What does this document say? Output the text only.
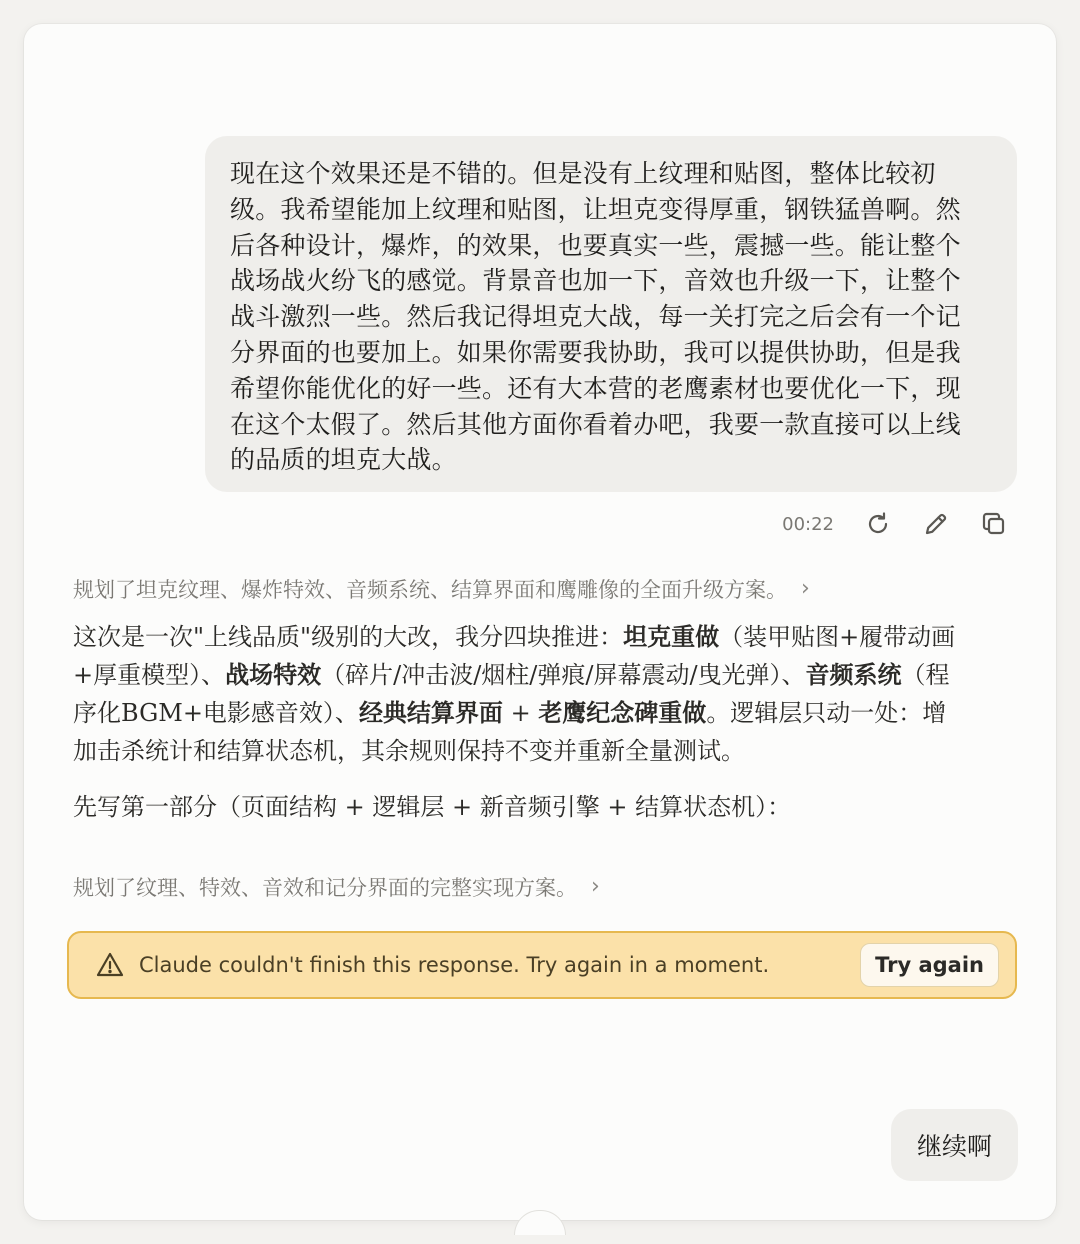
现在这个效果还是不错的。但是没有上纹理和贴图，整体比较初级。我希望能加上纹理和贴图，让坦克变得厚重，钢铁猛兽啊。然后各种设计，爆炸，的效果，也要真实一些，震撼一些。能让整个战场战火纷飞的感觉。背景音也加一下，音效也升级一下，让整个战斗激烈一些。然后我记得坦克大战，每一关打完之后会有一个记分界面的也要加上。如果你需要我协助，我可以提供协助，但是我希望你能优化的好一些。还有大本营的老鹰素材也要优化一下，现在这个太假了。然后其他方面你看着办吧，我要一款直接可以上线的品质的坦克大战。
00:22
规划了坦克纹理、爆炸特效、音频系统、结算界面和鹰雕像的全面升级方案。 ›

这次是一次"上线品质"级别的大改，我分四块推进：坦克重做（装甲贴图+履带动画+厚重模型）、战场特效（碎片/冲击波/烟柱/弹痕/屏幕震动/曳光弹）、音频系统（程序化BGM+电影感音效）、经典结算界面 + 老鹰纪念碑重做。逻辑层只动一处：增加击杀统计和结算状态机，其余规则保持不变并重新全量测试。

先写第一部分（页面结构 + 逻辑层 + 新音频引擎 + 结算状态机）：

规划了纹理、特效、音效和记分界面的完整实现方案。 ›
Claude couldn't finish this response. Try again in a moment.	Try again
继续啊
